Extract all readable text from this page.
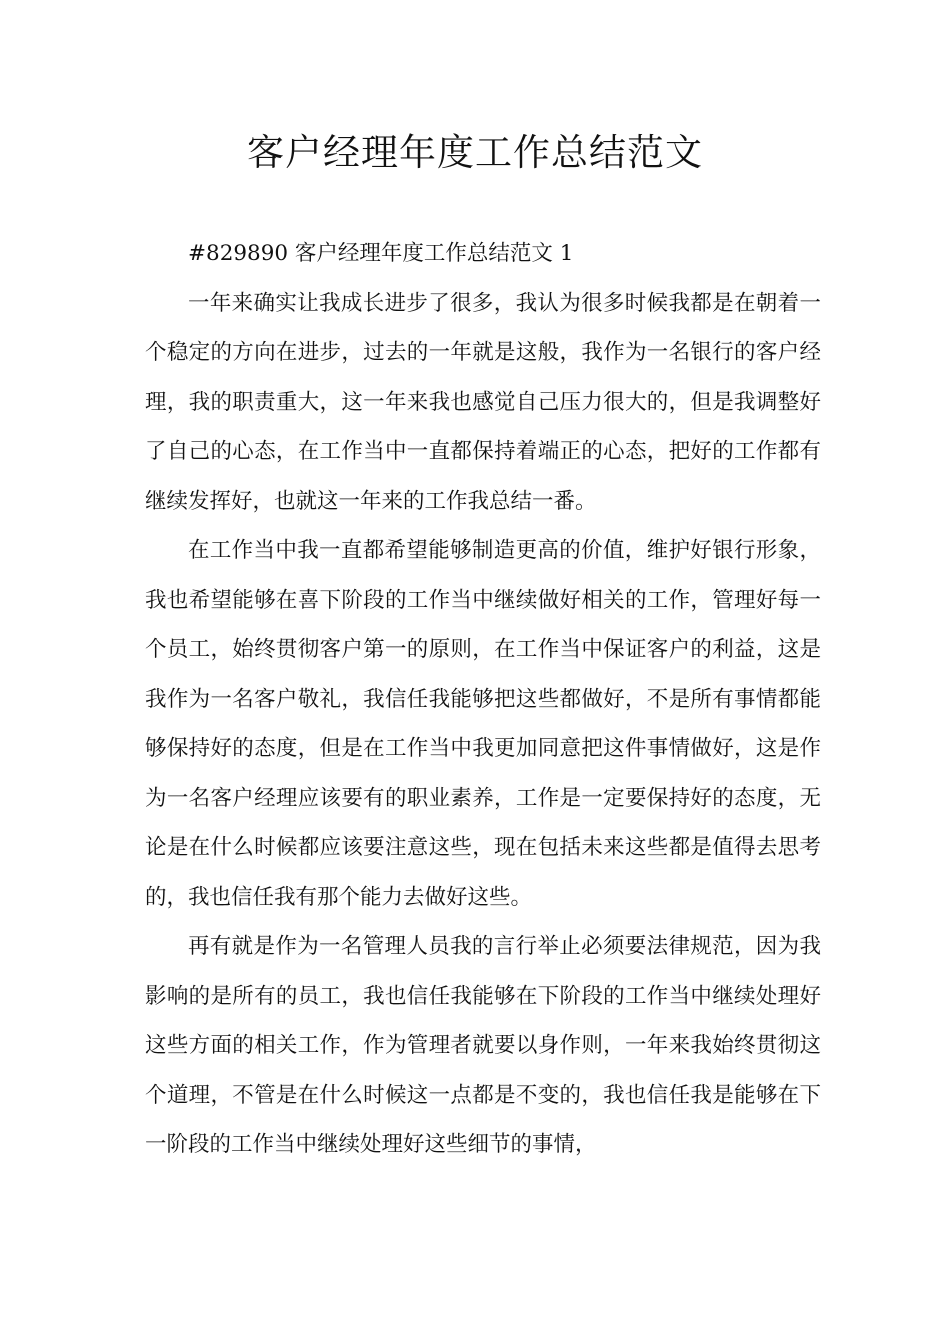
客户经理年度工作总结范文

#829890 客户经理年度工作总结范文 1

一年来确实让我成长进步了很多，我认为很多时候我都是在朝着一个稳定的方向在进步，过去的一年就是这般，我作为一名银行的客户经理，我的职责重大，这一年来我也感觉自己压力很大的，但是我调整好了自己的心态，在工作当中一直都保持着端正的心态，把好的工作都有继续发挥好，也就这一年来的工作我总结一番。

在工作当中我一直都希望能够制造更高的价值，维护好银行形象，我也希望能够在喜下阶段的工作当中继续做好相关的工作，管理好每一个员工，始终贯彻客户第一的原则，在工作当中保证客户的利益，这是我作为一名客户敬礼，我信任我能够把这些都做好，不是所有事情都能够保持好的态度，但是在工作当中我更加同意把这件事情做好，这是作为一名客户经理应该要有的职业素养，工作是一定要保持好的态度，无论是在什么时候都应该要注意这些，现在包括未来这些都是值得去思考的，我也信任我有那个能力去做好这些。

再有就是作为一名管理人员我的言行举止必须要法律规范，因为我影响的是所有的员工，我也信任我能够在下阶段的工作当中继续处理好这些方面的相关工作，作为管理者就要以身作则，一年来我始终贯彻这个道理，不管是在什么时候这一点都是不变的，我也信任我是能够在下一阶段的工作当中继续处理好这些细节的事情，
